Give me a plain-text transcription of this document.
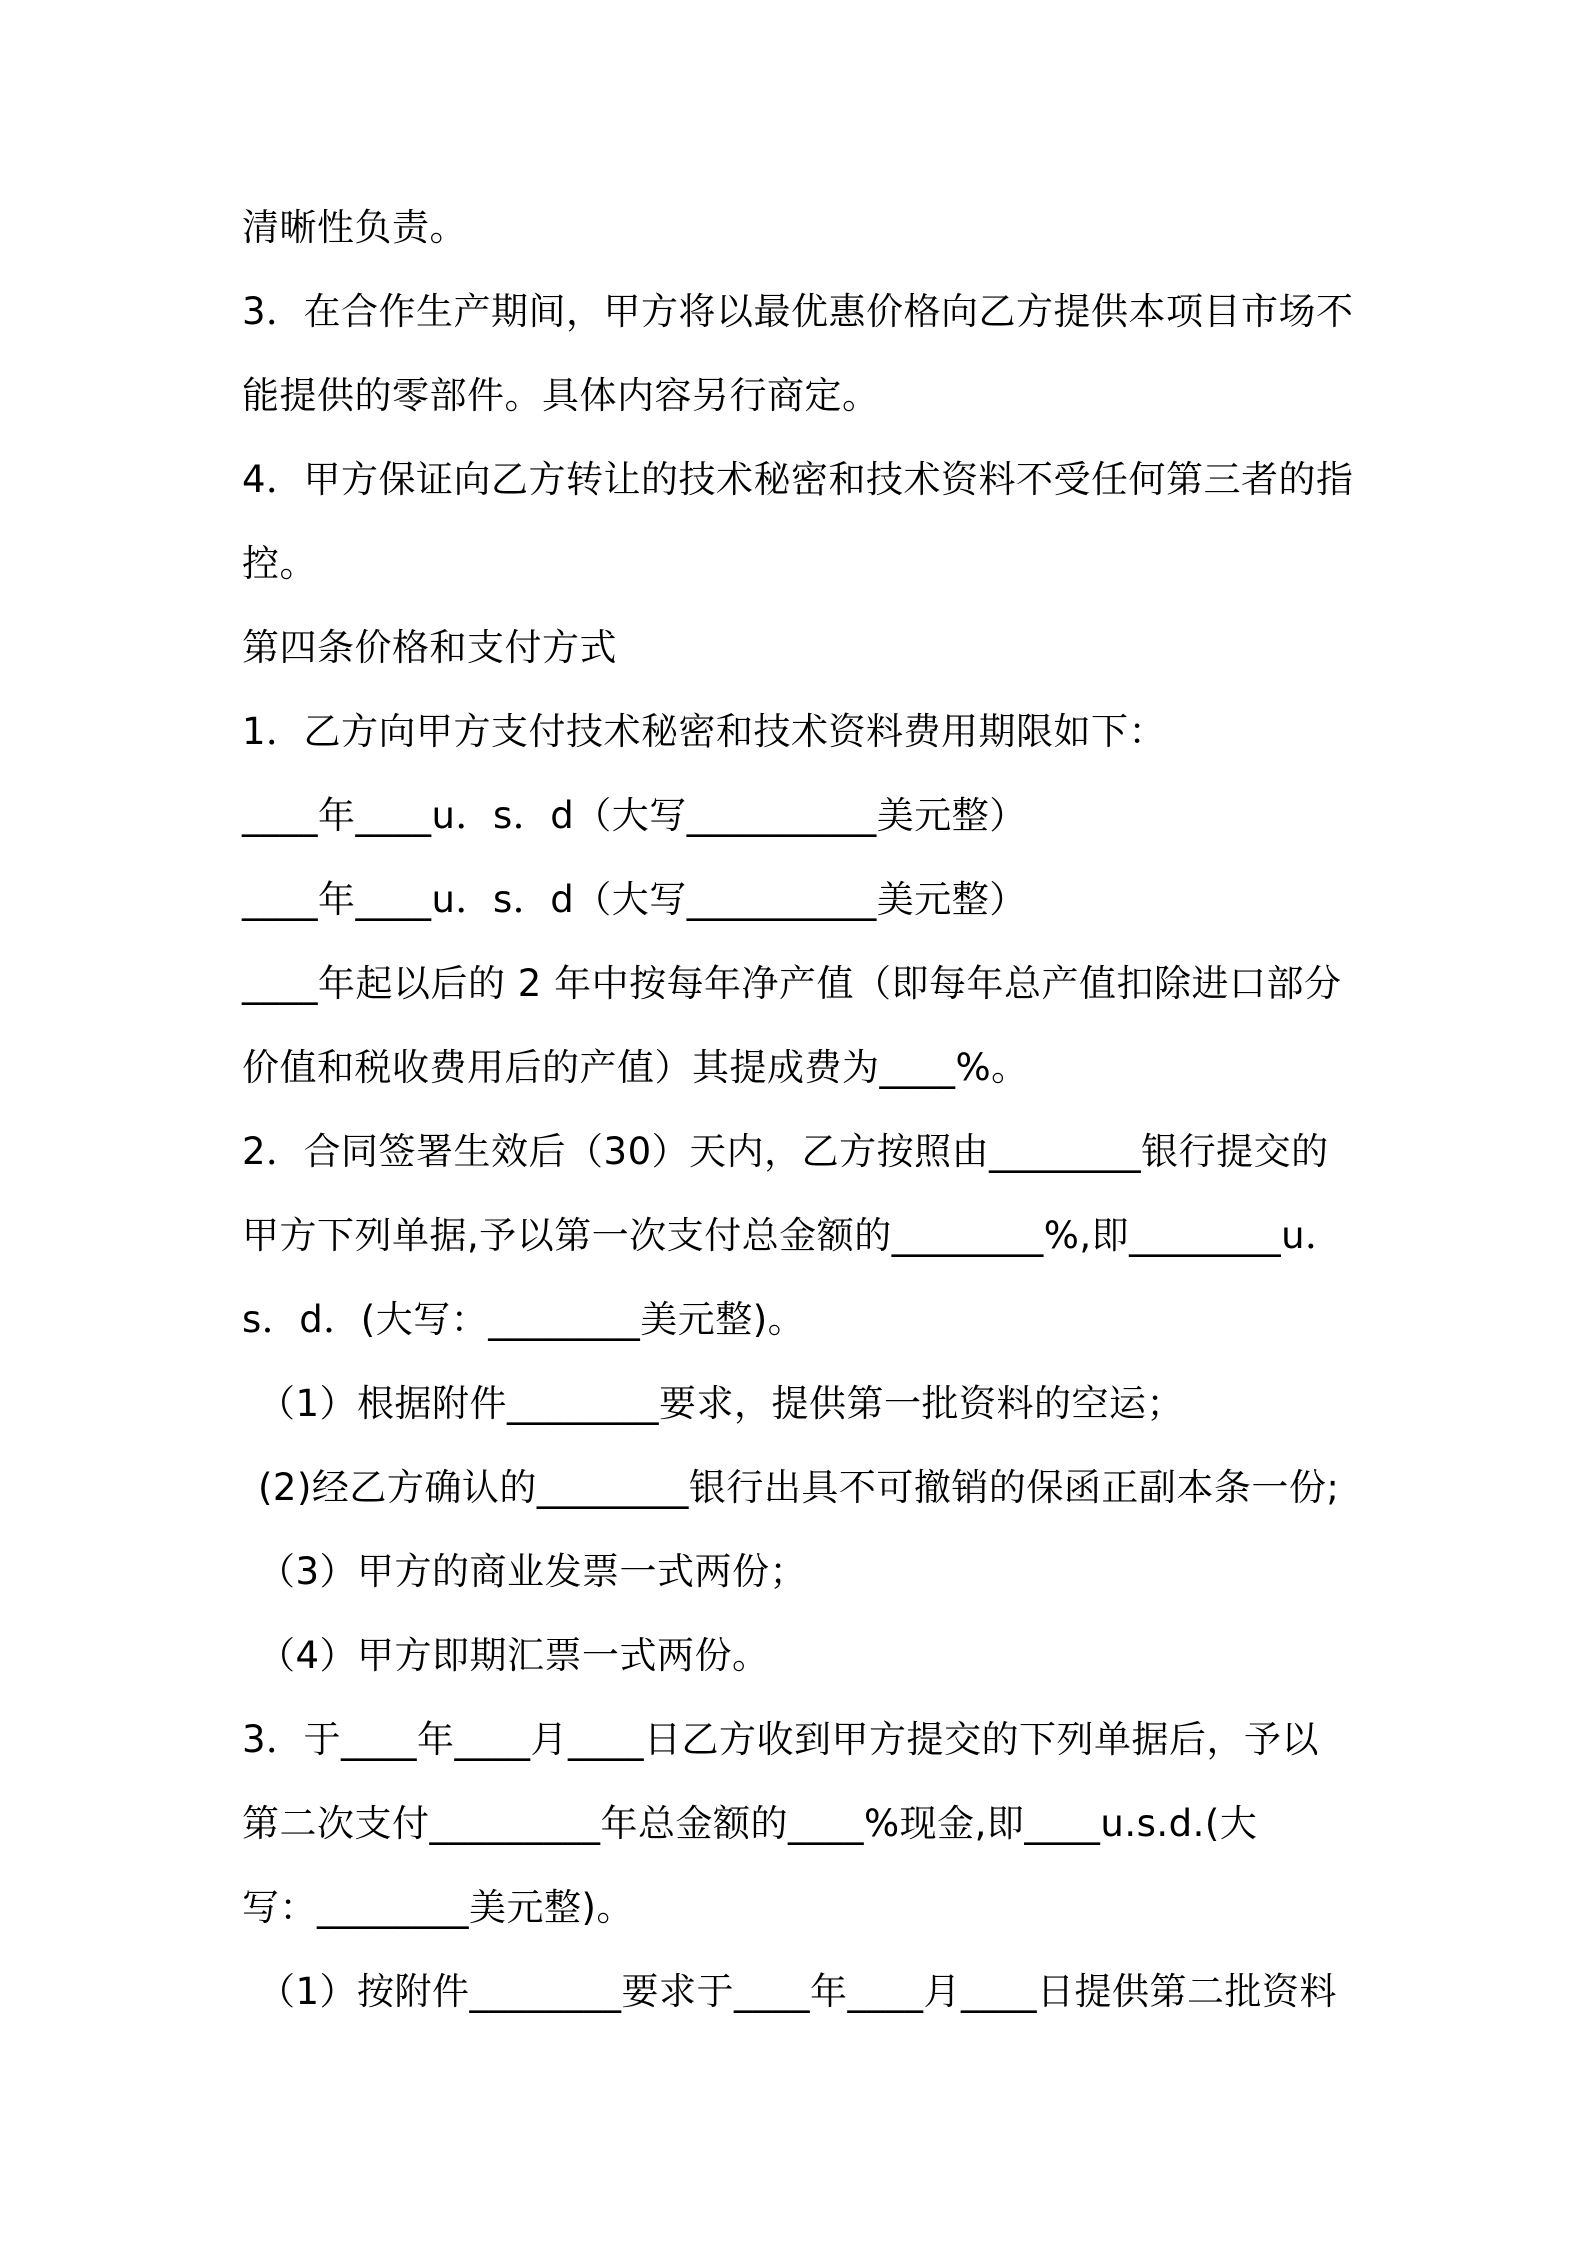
清晰性负责。
3．在合作生产期间，甲方将以最优惠价格向乙方提供本项目市场不
能提供的零部件。具体内容另行商定。
4．甲方保证向乙方转让的技术秘密和技术资料不受任何第三者的指
控。
第四条价格和支付方式
1．乙方向甲方支付技术秘密和技术资料费用期限如下：
____年____u．s．d（大写__________美元整）
____年____u．s．d（大写__________美元整）
____年起以后的 2 年中按每年净产值（即每年总产值扣除进口部分
价值和税收费用后的产值）其提成费为____%。
2．合同签署生效后（30）天内，乙方按照由________银行提交的
甲方下列单据,予以第一次支付总金额的________%,即________u．
s．d．(大写：________美元整)。
（1）根据附件________要求，提供第一批资料的空运；
(2)经乙方确认的________银行出具不可撤销的保函正副本条一份;
（3）甲方的商业发票一式两份；
（4）甲方即期汇票一式两份。
3．于____年____月____日乙方收到甲方提交的下列单据后，予以
第二次支付_________年总金额的____%现金,即____u.s.d.(大
写：________美元整)。
（1）按附件________要求于____年____月____日提供第二批资料
